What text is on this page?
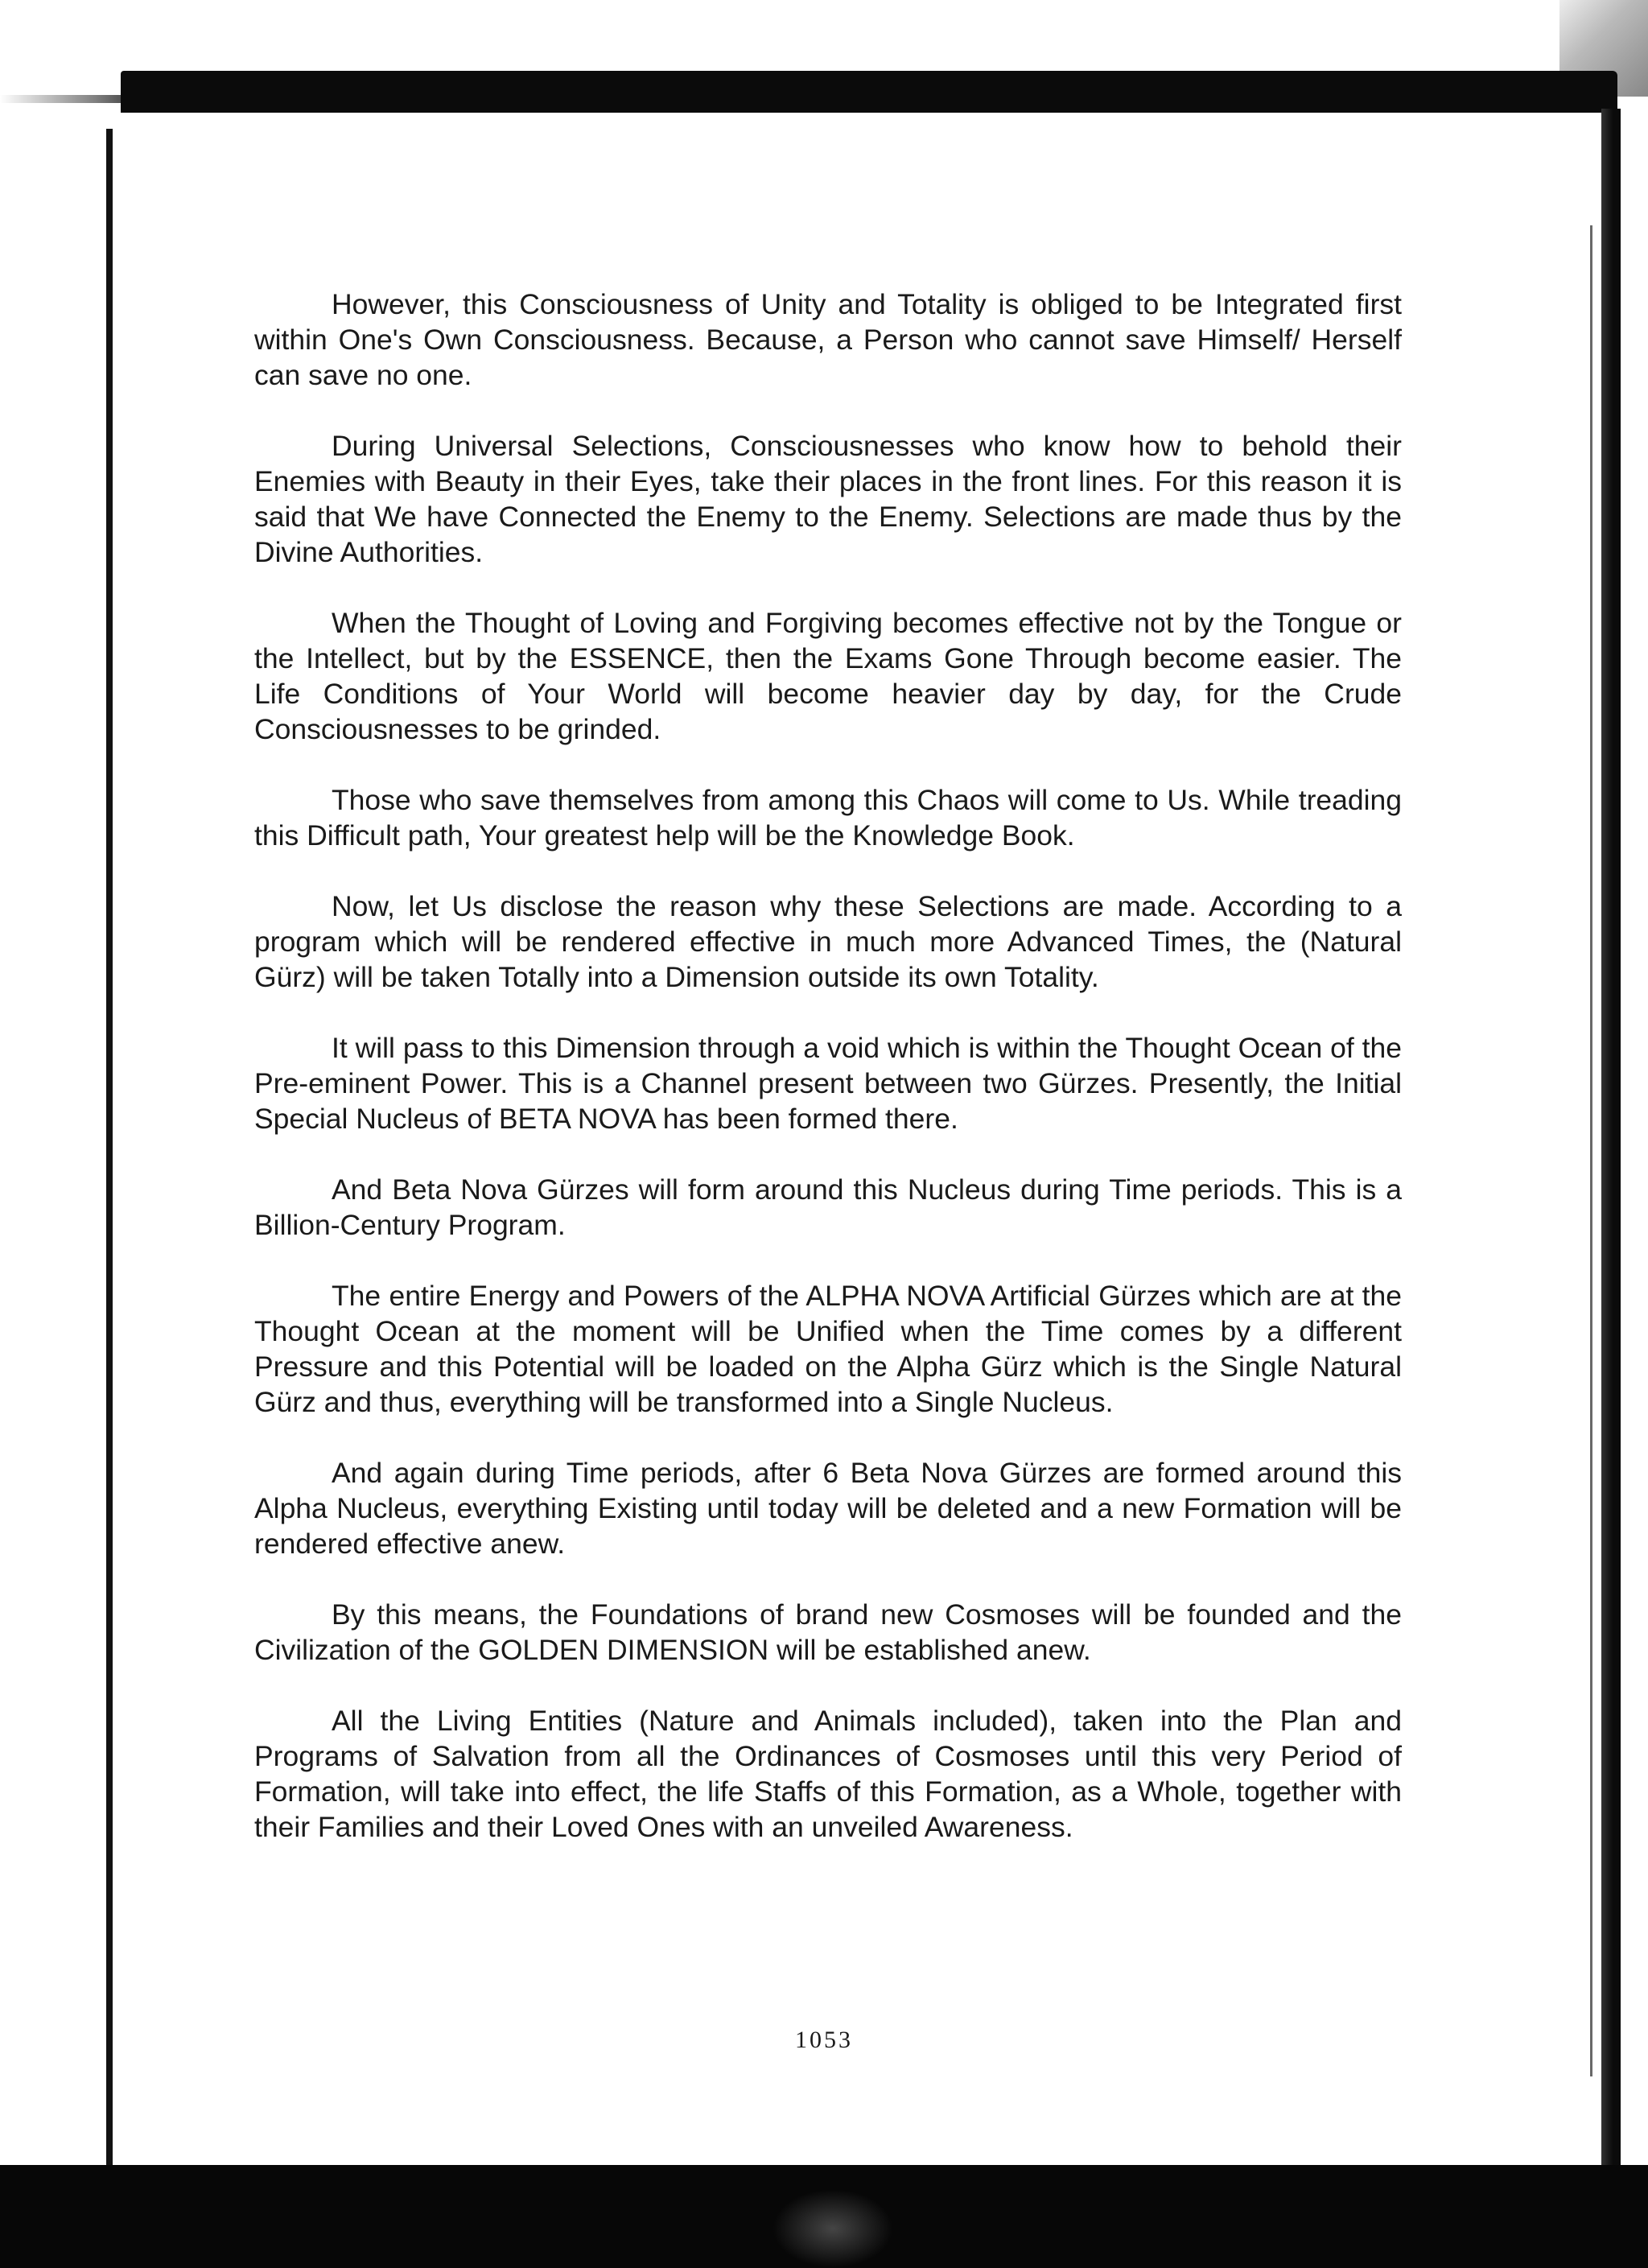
However, this Consciousness of Unity and Totality is obliged to be Integrated first within One's Own Consciousness. Because, a Person who cannot save Himself/ Herself can save no one.

During Universal Selections, Consciousnesses who know how to behold their Enemies with Beauty in their Eyes, take their places in the front lines. For this reason it is said that We have Connected the Enemy to the Enemy. Selections are made thus by the Divine Authorities.

When the Thought of Loving and Forgiving becomes effective not by the Tongue or the Intellect, but by the ESSENCE, then the Exams Gone Through become easier. The Life Conditions of Your World will become heavier day by day, for the Crude Consciousnesses to be grinded.

Those who save themselves from among this Chaos will come to Us. While treading this Difficult path, Your greatest help will be the Knowledge Book.

Now, let Us disclose the reason why these Selections are made. According to a program which will be rendered effective in much more Advanced Times, the (Natural Gürz) will be taken Totally into a Dimension outside its own Totality.

It will pass to this Dimension through a void which is within the Thought Ocean of the Pre-eminent Power. This is a Channel present between two Gürzes. Presently, the Initial Special Nucleus of BETA NOVA has been formed there.

And Beta Nova Gürzes will form around this Nucleus during Time periods. This is a Billion-Century Program.

The entire Energy and Powers of the ALPHA NOVA Artificial Gürzes which are at the Thought Ocean at the moment will be Unified when the Time comes by a different Pressure and this Potential will be loaded on the Alpha Gürz which is the Single Natural Gürz and thus, everything will be transformed into a Single Nucleus.

And again during Time periods, after 6 Beta Nova Gürzes are formed around this Alpha Nucleus, everything Existing until today will be deleted and a new Formation will be rendered effective anew.

By this means, the Foundations of brand new Cosmoses will be founded and the Civilization of the GOLDEN DIMENSION will be established anew.

All the Living Entities (Nature and Animals included), taken into the Plan and Programs of Salvation from all the Ordinances of Cosmoses until this very Period of Formation, will take into effect, the life Staffs of this Formation, as a Whole, together with their Families and their Loved Ones with an unveiled Awareness.

1053
